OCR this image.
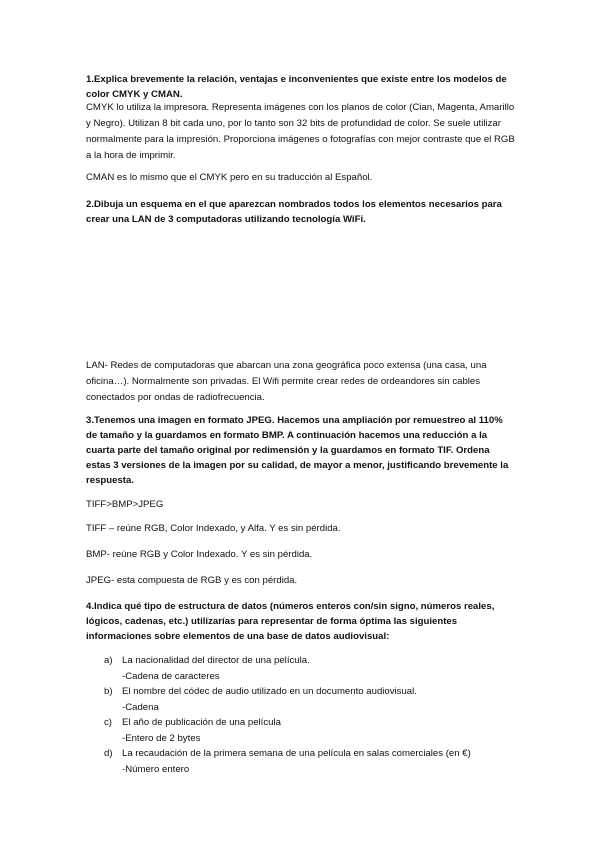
1.Explica brevemente la relación, ventajas e inconvenientes que existe entre los modelos de color CMYK y CMAN.
CMYK lo utiliza la impresora. Representa imágenes con los planos de color (Cian, Magenta, Amarillo y Negro). Utilizan 8 bit cada uno, por lo tanto son 32 bits de profundidad de color. Se suele utilizar normalmente para la impresión. Proporciona imágenes o fotografías con mejor contraste que el RGB a la hora de imprimir.
CMAN es lo mismo que el CMYK pero en su traducción al Español.
2.Dibuja un esquema en el que aparezcan nombrados todos los elementos necesarios para crear una LAN de 3 computadoras utilizando tecnología WiFi.
LAN- Redes de computadoras que abarcan una zona geográfica poco extensa (una casa, una oficina…). Normalmente son privadas. El Wifi permite crear redes de ordeandores sin cables conectados por ondas de radiofrecuencia.
3.Tenemos una imagen en formato JPEG. Hacemos una ampliación por remuestreo al 110% de tamaño y la guardamos en formato BMP. A continuación hacemos una reducción a la cuarta parte del tamaño original por redimensión y la guardamos en formato TIF. Ordena estas 3 versiones de la imagen por su calidad, de mayor a menor, justificando brevemente la respuesta.
TIFF>BMP>JPEG
TIFF – reúne RGB, Color Indexado, y Alfa. Y es sin pérdida.
BMP- reúne RGB y Color Indexado. Y es sin pérdida.
JPEG- esta compuesta de RGB y es con pérdida.
4.Indica qué tipo de estructura de datos (números enteros con/sin signo, números reales, lógicos, cadenas, etc.) utilizarías para representar de forma óptima las siguientes informaciones sobre elementos de una base de datos audiovisual:
a) La nacionalidad del director de una película.
-Cadena de caracteres
b) El nombre del códec de audio utilizado en un documento audiovisual.
-Cadena
c) El año de publicación de una película
-Entero de 2 bytes
d) La recaudación de la primera semana de una película en salas comerciales (en €)
-Número entero
